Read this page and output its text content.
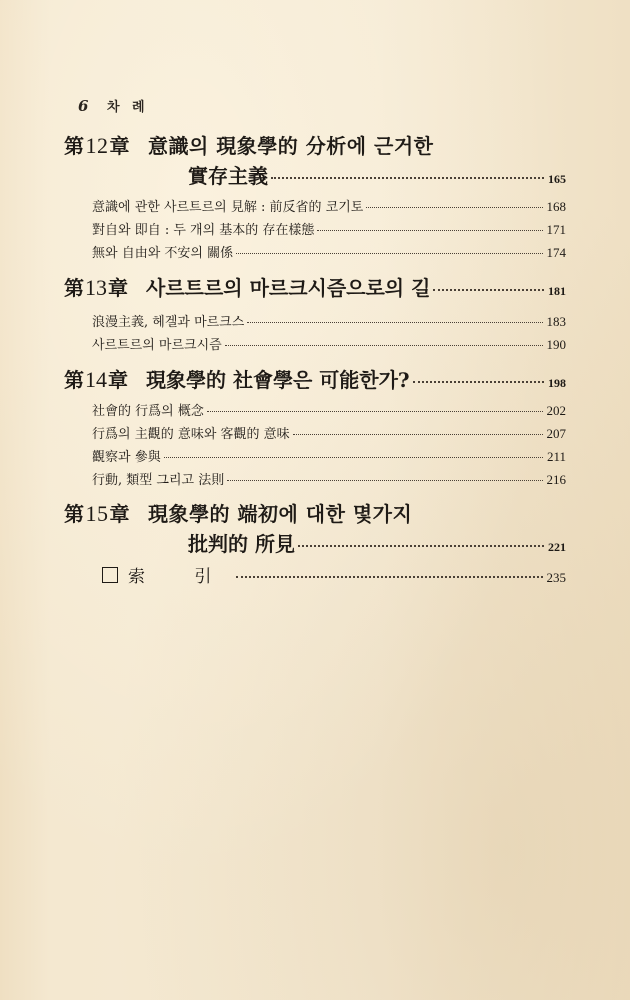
6 차 례
第12章 意識의 現象學的 分析에 근거한
實存主義	165
意識에 관한 사르트르의 見解 : 前反省的 코기토	168
對自와 即自 : 두 개의 基本的 存在樣態	171
無와 自由와 不安의 關係	174
第13章 사르트르의 마르크시즘으로의 길	181
浪漫主義, 헤겔과 마르크스	183
사르트르의 마르크시즘	190
第14章 現象學的 社會學은 可能한가?	198
社會的 行爲의 概念	202
行爲의 主觀的 意味와 客觀的 意味	207
觀察과 參與	211
行動, 類型 그리고 法則	216
第15章 現象學的 端初에 대한 몇가지
批判的 所見	221
索 引	235
